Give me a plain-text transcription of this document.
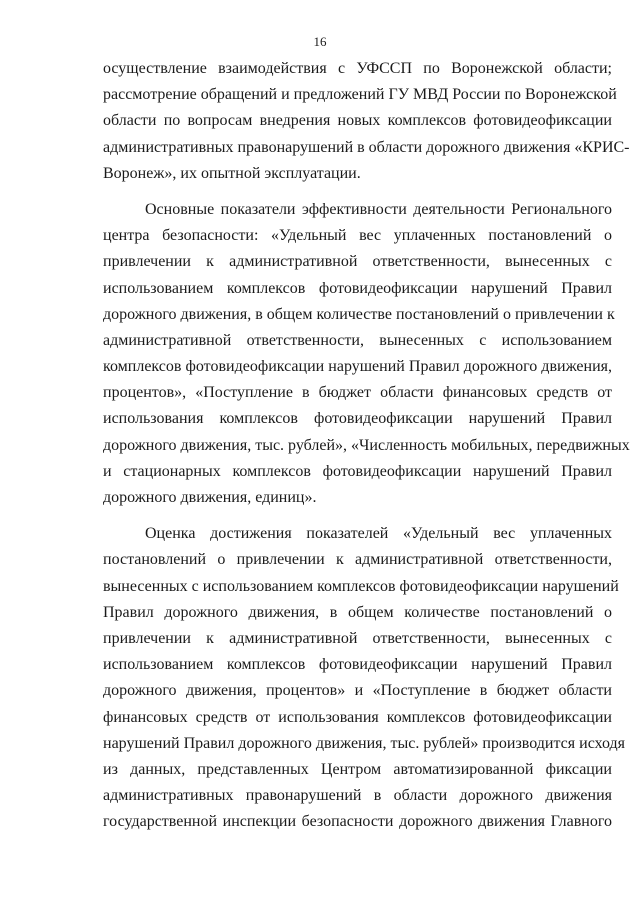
16
осуществление взаимодействия с УФССП по Воронежской области;
рассмотрение обращений и предложений ГУ МВД России по Воронежской
области по вопросам внедрения новых комплексов фотовидеофиксации
административных правонарушений в области дорожного движения «КРИС-
Воронеж», их опытной эксплуатации.
Основные показатели эффективности деятельности Регионального
центра безопасности: «Удельный вес уплаченных постановлений о
привлечении к административной ответственности, вынесенных с
использованием комплексов фотовидеофиксации нарушений Правил
дорожного движения, в общем количестве постановлений о привлечении к
административной ответственности, вынесенных с использованием
комплексов фотовидеофиксации нарушений Правил дорожного движения,
процентов», «Поступление в бюджет области финансовых средств от
использования комплексов фотовидеофиксации нарушений Правил
дорожного движения, тыс. рублей», «Численность мобильных, передвижных
и стационарных комплексов фотовидеофиксации нарушений Правил
дорожного движения, единиц».
Оценка достижения показателей «Удельный вес уплаченных
постановлений о привлечении к административной ответственности,
вынесенных с использованием комплексов фотовидеофиксации нарушений
Правил дорожного движения, в общем количестве постановлений о
привлечении к административной ответственности, вынесенных с
использованием комплексов фотовидеофиксации нарушений Правил
дорожного движения, процентов» и «Поступление в бюджет области
финансовых средств от использования комплексов фотовидеофиксации
нарушений Правил дорожного движения, тыс. рублей» производится исходя
из данных, представленных Центром автоматизированной фиксации
административных правонарушений в области дорожного движения
государственной инспекции безопасности дорожного движения Главного
